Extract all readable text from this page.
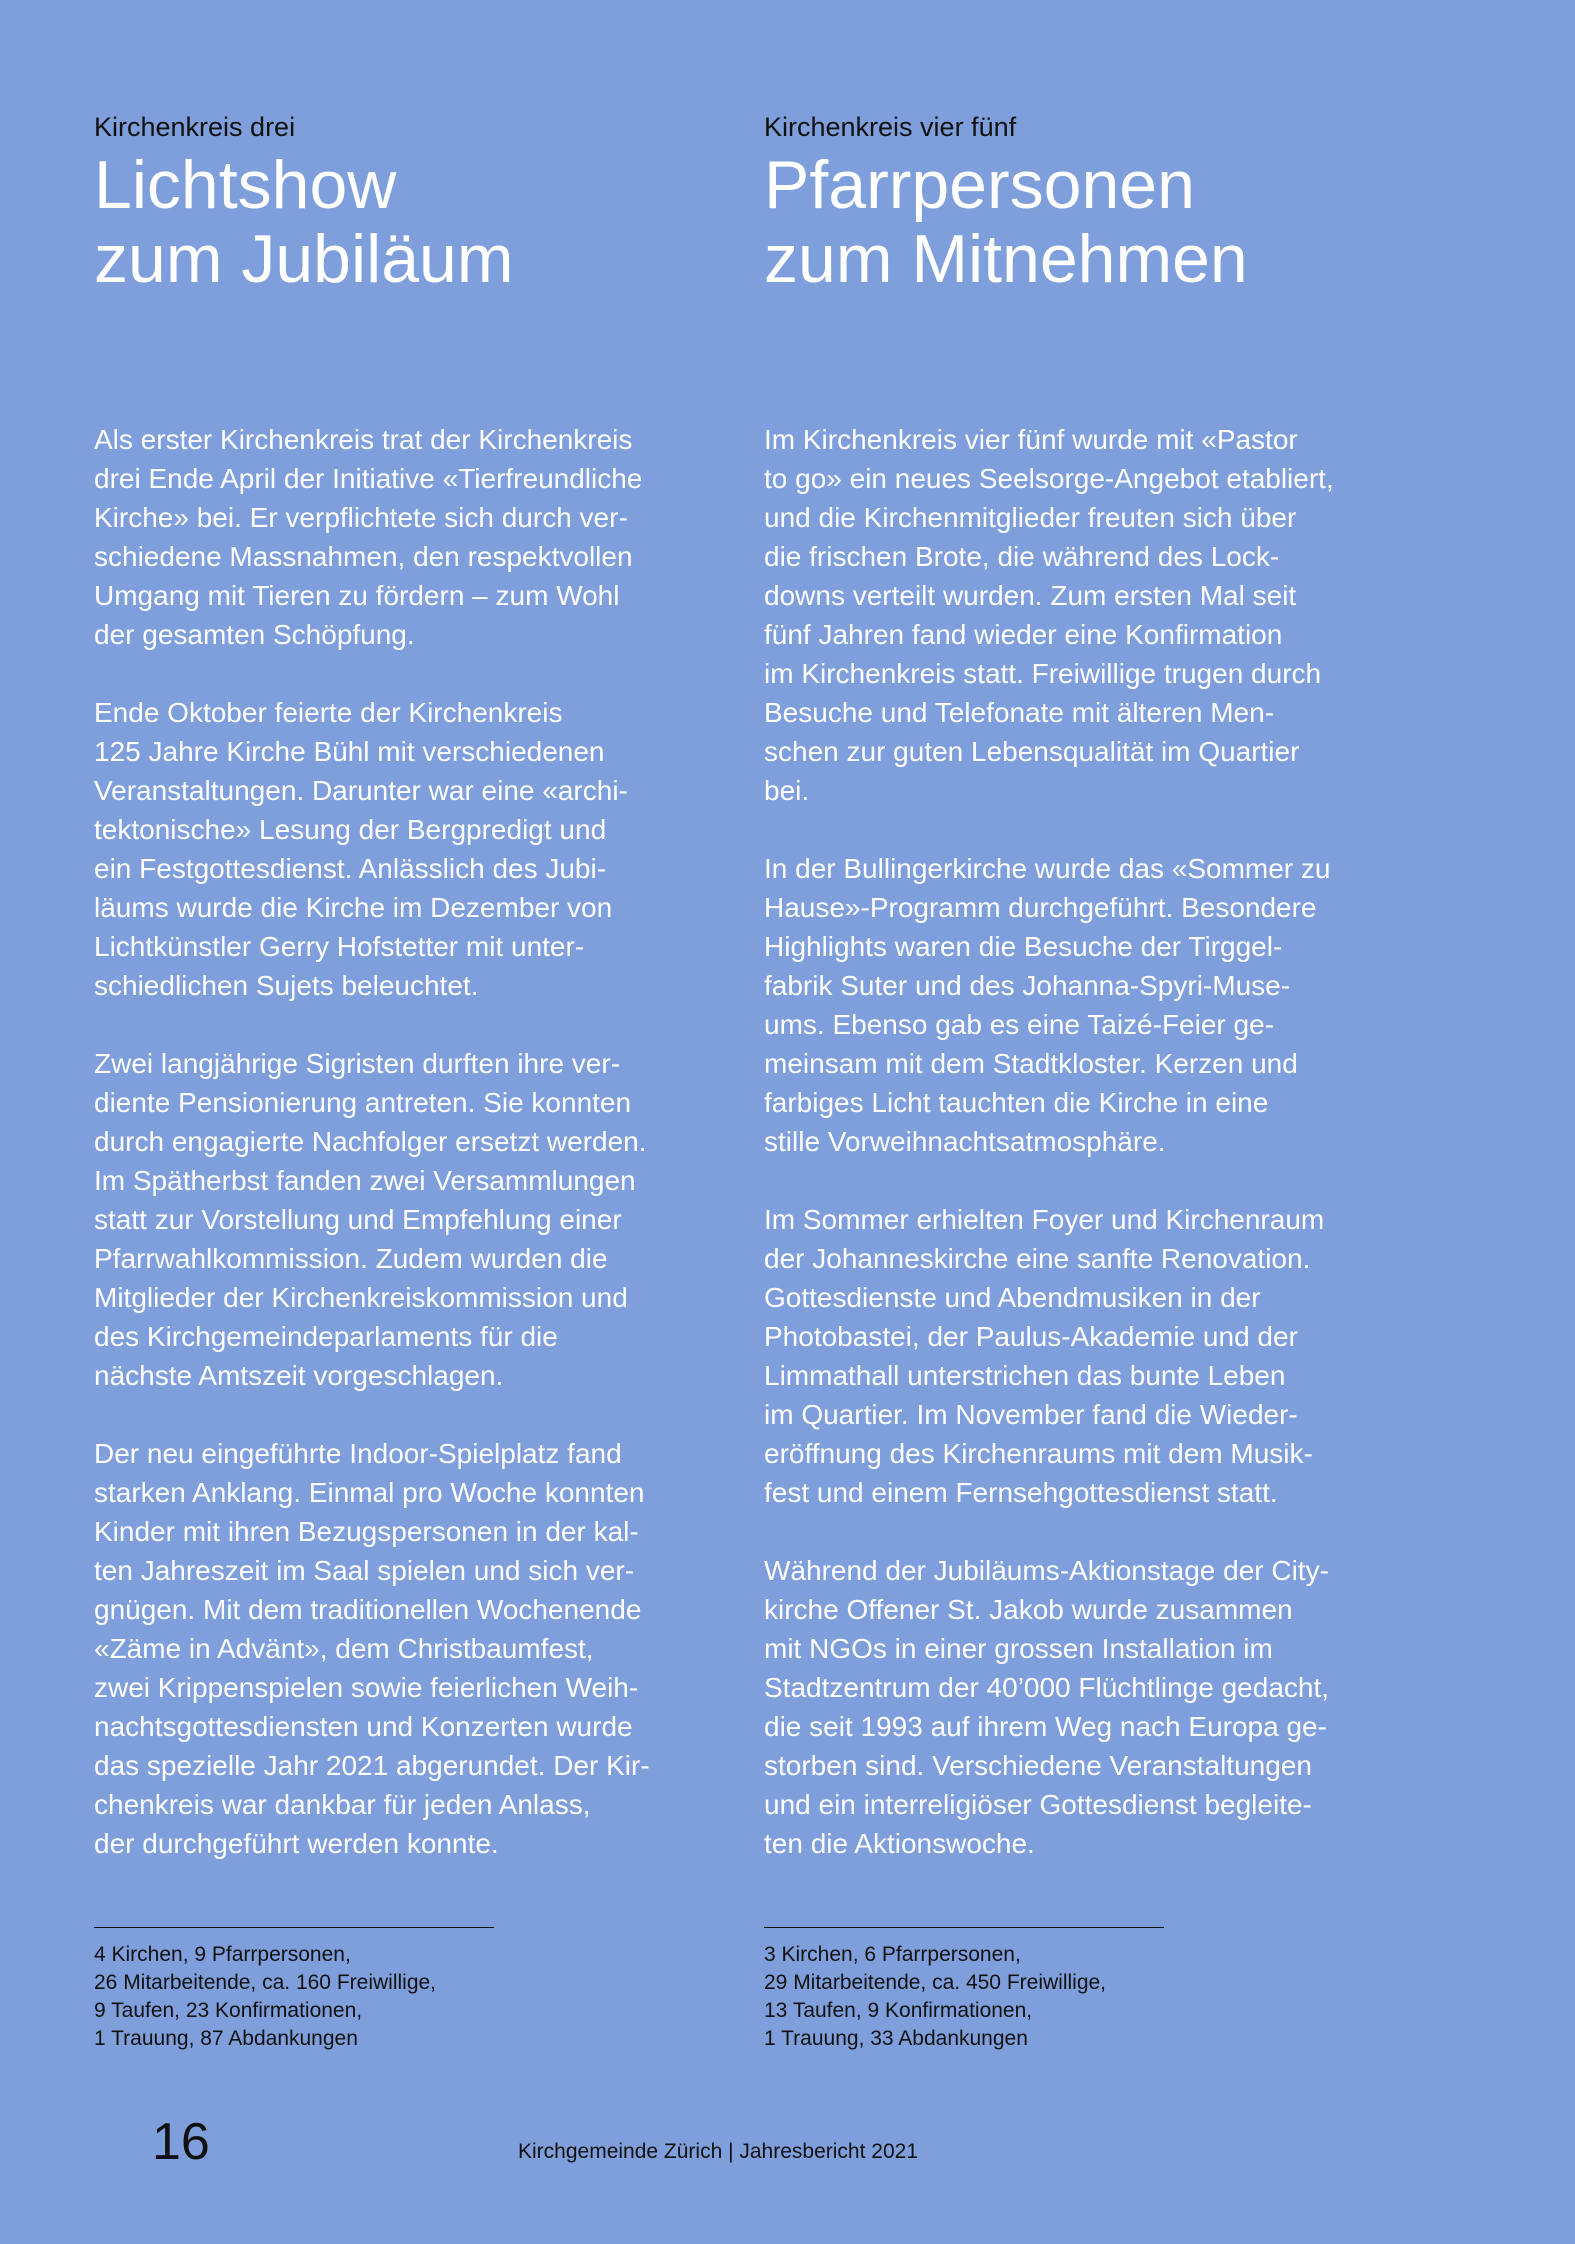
Kirchenkreis drei
Lichtshow
zum Jubiläum

Als erster Kirchenkreis trat der Kirchenkreis
drei Ende April der Initiative «Tierfreundliche
Kirche» bei. Er verpflichtete sich durch ver-
schiedene Massnahmen, den respektvollen
Umgang mit Tieren zu fördern – zum Wohl
der gesamten Schöpfung.

Ende Oktober feierte der Kirchenkreis
125 Jahre Kirche Bühl mit verschiedenen
Veranstaltungen. Darunter war eine «archi-
tektonische» Lesung der Bergpredigt und
ein Festgottesdienst. Anlässlich des Jubi-
läums wurde die Kirche im Dezember von
Lichtkünstler Gerry Hofstetter mit unter-
schiedlichen Sujets beleuchtet.

Zwei langjährige Sigristen durften ihre ver-
diente Pensionierung antreten. Sie konnten
durch engagierte Nachfolger ersetzt werden.
Im Spätherbst fanden zwei Versammlungen
statt zur Vorstellung und Empfehlung einer
Pfarrwahlkommission. Zudem wurden die
Mitglieder der Kirchenkreiskommission und
des Kirchgemeindeparlaments für die
nächste Amtszeit vorgeschlagen.

Der neu eingeführte Indoor-Spielplatz fand
starken Anklang. Einmal pro Woche konnten
Kinder mit ihren Bezugspersonen in der kal-
ten Jahreszeit im Saal spielen und sich ver-
gnügen. Mit dem traditionellen Wochenende
«Zäme in Advänt», dem Christbaumfest,
zwei Krippenspielen sowie feierlichen Weih-
nachtsgottesdiensten und Konzerten wurde
das spezielle Jahr 2021 abgerundet. Der Kir-
chenkreis war dankbar für jeden Anlass,
der durchgeführt werden konnte.

4 Kirchen, 9 Pfarrpersonen,
26 Mitarbeitende, ca. 160 Freiwillige,
9 Taufen, 23 Konfirmationen,
1 Trauung, 87 Abdankungen
Kirchenkreis vier fünf
Pfarrpersonen
zum Mitnehmen

Im Kirchenkreis vier fünf wurde mit «Pastor
to go» ein neues Seelsorge-Angebot etabliert,
und die Kirchenmitglieder freuten sich über
die frischen Brote, die während des Lock-
downs verteilt wurden. Zum ersten Mal seit
fünf Jahren fand wieder eine Konfirmation
im Kirchenkreis statt. Freiwillige trugen durch
Besuche und Telefonate mit älteren Men-
schen zur guten Lebensqualität im Quartier
bei.

In der Bullingerkirche wurde das «Sommer zu
Hause»-Programm durchgeführt. Besondere
Highlights waren die Besuche der Tirggel-
fabrik Suter und des Johanna-Spyri-Muse-
ums. Ebenso gab es eine Taizé-Feier ge-
meinsam mit dem Stadtkloster. Kerzen und
farbiges Licht tauchten die Kirche in eine
stille Vorweihnachtsatmosphäre.

Im Sommer erhielten Foyer und Kirchenraum
der Johanneskirche eine sanfte Renovation.
Gottesdienste und Abendmusiken in der
Photobastei, der Paulus-Akademie und der
Limmathall unterstrichen das bunte Leben
im Quartier. Im November fand die Wieder-
eröffnung des Kirchenraums mit dem Musik-
fest und einem Fernsehgottesdienst statt.

Während der Jubiläums-Aktionstage der City-
kirche Offener St. Jakob wurde zusammen
mit NGOs in einer grossen Installation im
Stadtzentrum der 40’000 Flüchtlinge gedacht,
die seit 1993 auf ihrem Weg nach Europa ge-
storben sind. Verschiedene Veranstaltungen
und ein interreligiöser Gottesdienst begleite-
ten die Aktionswoche.

3 Kirchen, 6 Pfarrpersonen,
29 Mitarbeitende, ca. 450 Freiwillige,
13 Taufen, 9 Konfirmationen,
1 Trauung, 33 Abdankungen
16	Kirchgemeinde Zürich | Jahresbericht 2021
